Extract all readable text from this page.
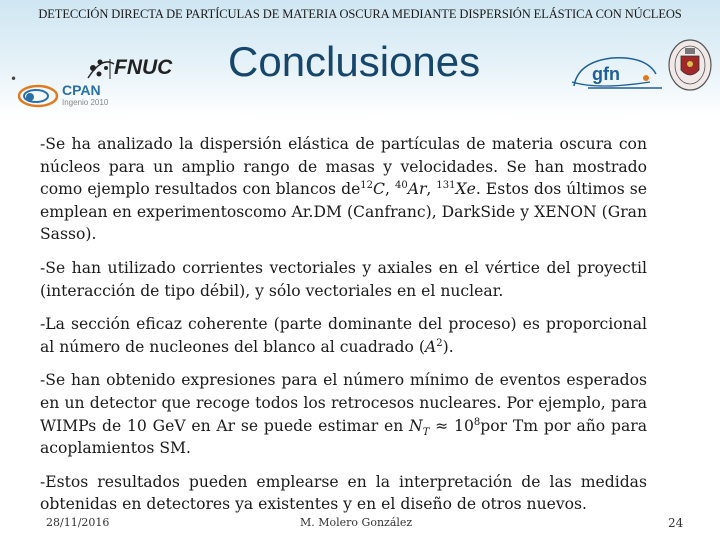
DETECCIÓN DIRECTA DE PARTÍCULAS DE MATERIA OSCURA MEDIANTE DISPERSIÓN ELÁSTICA CON NÚCLEOS
•	FNUC
CPAN
Ingenio 2010
Conclusiones	gfn

-Se ha analizado la dispersión elástica de partículas de materia oscura con núcleos para un amplio rango de masas y velocidades. Se han mostrado como ejemplo resultados con blancos $de^{12}C$, $^{40}$Ar, $^{131}$Xe. Estos dos últimos se emplean en experimentoscomo Ar.DM (Canfranc), DarkSide y XENON (Gran Sasso).

-Se han utilizado corrientes vectoriales y axiales en el vértice del proyectil (interacción de tipo débil), y sólo vectoriales en el nuclear.

-La sección eficaz coherente (parte dominante del proceso) es proporcional al número de nucleones del blanco al cuadrado $(A^2)$.

-Se han obtenido expresiones para el número mínimo de eventos esperados en un detector que recoge todos los retrocesos nucleares. Por ejemplo, para WIMPs de 10 GeV en Ar se puede estimar en $N_T \approx 10^8por$ Tm por año para acoplamientos SM.

-Estos resultados pueden emplearse en la interpretación de las medidas obtenidas en detectores ya existentes y en el diseño de otros nuevos.

28/11/2016	M. Molero González	24
